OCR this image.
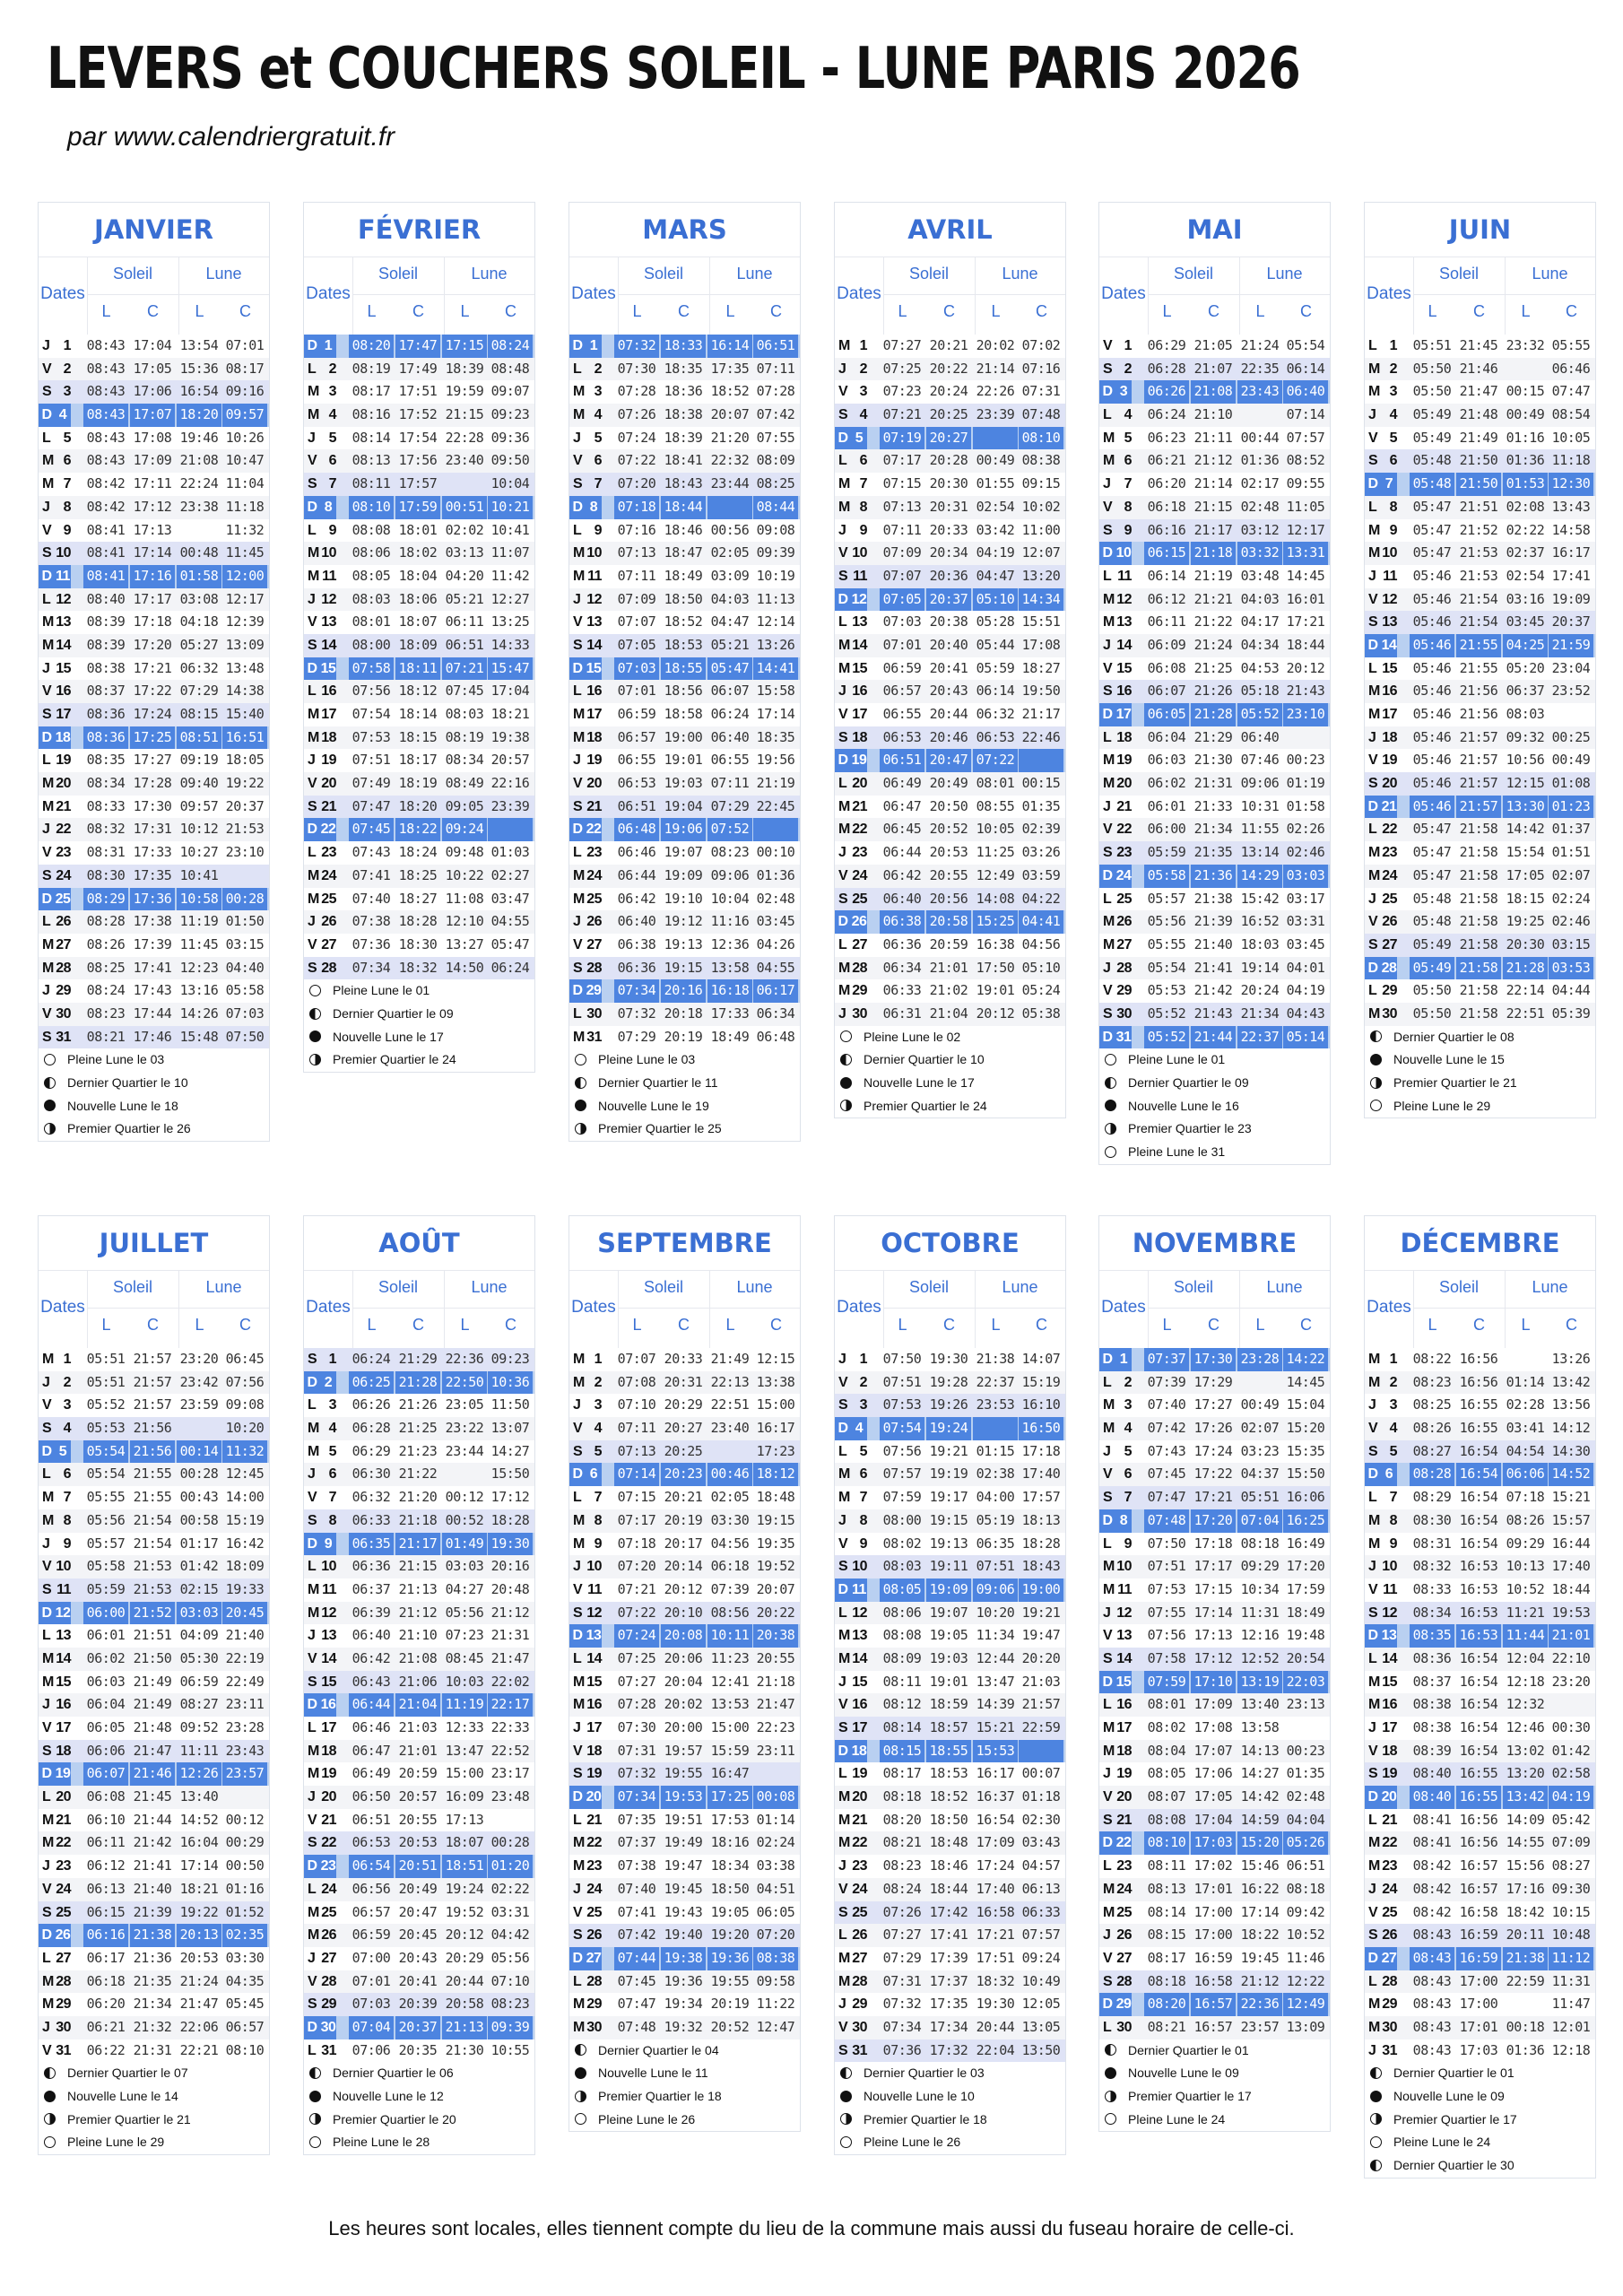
LEVERS et COUCHERS SOLEIL - LUNE PARIS 2026
par www.calendriergratuit.fr
JANVIER
Dates
Soleil	Lune
L	C	L	C
J 1 08:43 17:04 13:54 07:01
V 2 08:43 17:05 15:36 08:17
S 3 08:43 17:06 16:54 09:16
D 4	08:43 17:07 18:20 09:57
L 5 08:43 17:08 19:46 10:26
M 6 08:43 17:09 21:08 10:47
M 7 08:42 17:11 22:24 11:04
J 8 08:42 17:12 23:38 11:18
V 9 08:41 17:13	11:32
S 10 08:41 17:14 00:48 11:45
D 11 08:41 17:16 01:58 12:00
L 12 08:40 17:17 03:08 12:17
M 13 08:39 17:18 04:18 12:39
M 14 08:39 17:20 05:27 13:09
J 15 08:38 17:21 06:32 13:48
V 16 08:37 17:22 07:29 14:38
S 17 08:36 17:24 08:15 15:40
D 18 08:36 17:25 08:51 16:51
L 19 08:35 17:27 09:19 18:05
M 20 08:34 17:28 09:40 19:22
M 21 08:33 17:30 09:57 20:37
J 22 08:32 17:31 10:12 21:53
V 23 08:31 17:33 10:27 23:10
S 24 08:30 17:35 10:41
D 25 08:29 17:36 10:58 00:28
L 26 08:28 17:38 11:19 01:50
M 27 08:26 17:39 11:45 03:15
M 28 08:25 17:41 12:23 04:40
J 29 08:24 17:43 13:16 05:58
V 30 08:23 17:44 14:26 07:03
S 31 08:21 17:46 15:48 07:50
Pleine Lune le 03
Dernier Quartier le 10
Nouvelle Lune le 18
Premier Quartier le 26
FÉVRIER
Dates
Soleil	Lune
L	C	L	C
D 1	08:20 17:47 17:15 08:24
L 2 08:19 17:49 18:39 08:48
M 3 08:17 17:51 19:59 09:07
M 4 08:16 17:52 21:15 09:23
J 5 08:14 17:54 22:28 09:36
V 6 08:13 17:56 23:40 09:50
S 7 08:11 17:57	10:04
D 8	08:10 17:59 00:51 10:21
L 9 08:08 18:01 02:02 10:41
M 10 08:06 18:02 03:13 11:07
M 11 08:05 18:04 04:20 11:42
J 12 08:03 18:06 05:21 12:27
V 13 08:01 18:07 06:11 13:25
S 14 08:00 18:09 06:51 14:33
D 15 07:58 18:11 07:21 15:47
L 16 07:56 18:12 07:45 17:04
M 17 07:54 18:14 08:03 18:21
M 18 07:53 18:15 08:19 19:38
J 19 07:51 18:17 08:34 20:57
V 20 07:49 18:19 08:49 22:16
S 21 07:47 18:20 09:05 23:39
D 22 07:45 18:22 09:24
L 23 07:43 18:24 09:48 01:03
M 24 07:41 18:25 10:22 02:27
M 25 07:40 18:27 11:08 03:47
J 26 07:38 18:28 12:10 04:55
V 27 07:36 18:30 13:27 05:47
S 28 07:34 18:32 14:50 06:24
Pleine Lune le 01
Dernier Quartier le 09
Nouvelle Lune le 17
Premier Quartier le 24
MARS
Dates
Soleil	Lune
L	C	L	C
D 1	07:32 18:33 16:14 06:51
L 2 07:30 18:35 17:35 07:11
M 3 07:28 18:36 18:52 07:28
M 4 07:26 18:38 20:07 07:42
J 5 07:24 18:39 21:20 07:55
V 6 07:22 18:41 22:32 08:09
S 7 07:20 18:43 23:44 08:25
D 8	07:18 18:44	08:44
L 9 07:16 18:46 00:56 09:08
M 10 07:13 18:47 02:05 09:39
M 11 07:11 18:49 03:09 10:19
J 12 07:09 18:50 04:03 11:13
V 13 07:07 18:52 04:47 12:14
S 14 07:05 18:53 05:21 13:26
D 15 07:03 18:55 05:47 14:41
L 16 07:01 18:56 06:07 15:58
M 17 06:59 18:58 06:24 17:14
M 18 06:57 19:00 06:40 18:35
J 19 06:55 19:01 06:55 19:56
V 20 06:53 19:03 07:11 21:19
S 21 06:51 19:04 07:29 22:45
D 22 06:48 19:06 07:52
L 23 06:46 19:07 08:23 00:10
M 24 06:44 19:09 09:06 01:36
M 25 06:42 19:10 10:04 02:48
J 26 06:40 19:12 11:16 03:45
V 27 06:38 19:13 12:36 04:26
S 28 06:36 19:15 13:58 04:55
D 29 07:34 20:16 16:18 06:17
L 30 07:32 20:18 17:33 06:34
M 31 07:29 20:19 18:49 06:48
Pleine Lune le 03
Dernier Quartier le 11
Nouvelle Lune le 19
Premier Quartier le 25
AVRIL
Dates
Soleil	Lune
L	C	L	C
M 1 07:27 20:21 20:02 07:02
J 2 07:25 20:22 21:14 07:16
V 3 07:23 20:24 22:26 07:31
S 4 07:21 20:25 23:39 07:48
D 5	07:19 20:27	08:10
L 6 07:17 20:28 00:49 08:38
M 7 07:15 20:30 01:55 09:15
M 8 07:13 20:31 02:54 10:02
J 9 07:11 20:33 03:42 11:00
V 10 07:09 20:34 04:19 12:07
S 11 07:07 20:36 04:47 13:20
D 12 07:05 20:37 05:10 14:34
L 13 07:03 20:38 05:28 15:51
M 14 07:01 20:40 05:44 17:08
M 15 06:59 20:41 05:59 18:27
J 16 06:57 20:43 06:14 19:50
V 17 06:55 20:44 06:32 21:17
S 18 06:53 20:46 06:53 22:46
D 19 06:51 20:47 07:22
L 20 06:49 20:49 08:01 00:15
M 21 06:47 20:50 08:55 01:35
M 22 06:45 20:52 10:05 02:39
J 23 06:44 20:53 11:25 03:26
V 24 06:42 20:55 12:49 03:59
S 25 06:40 20:56 14:08 04:22
D 26 06:38 20:58 15:25 04:41
L 27 06:36 20:59 16:38 04:56
M 28 06:34 21:01 17:50 05:10
M 29 06:33 21:02 19:01 05:24
J 30 06:31 21:04 20:12 05:38
Pleine Lune le 02
Dernier Quartier le 10
Nouvelle Lune le 17
Premier Quartier le 24
MAI
Dates
Soleil	Lune
L	C	L	C
V 1 06:29 21:05 21:24 05:54
S 2 06:28 21:07 22:35 06:14
D 3	06:26 21:08 23:43 06:40
L 4 06:24 21:10	07:14
M 5 06:23 21:11 00:44 07:57
M 6 06:21 21:12 01:36 08:52
J 7 06:20 21:14 02:17 09:55
V 8 06:18 21:15 02:48 11:05
S 9 06:16 21:17 03:12 12:17
D 10 06:15 21:18 03:32 13:31
L 11 06:14 21:19 03:48 14:45
M 12 06:12 21:21 04:03 16:01
M 13 06:11 21:22 04:17 17:21
J 14 06:09 21:24 04:34 18:44
V 15 06:08 21:25 04:53 20:12
S 16 06:07 21:26 05:18 21:43
D 17 06:05 21:28 05:52 23:10
L 18 06:04 21:29 06:40
M 19 06:03 21:30 07:46 00:23
M 20 06:02 21:31 09:06 01:19
J 21 06:01 21:33 10:31 01:58
V 22 06:00 21:34 11:55 02:26
S 23 05:59 21:35 13:14 02:46
D 24 05:58 21:36 14:29 03:03
L 25 05:57 21:38 15:42 03:17
M 26 05:56 21:39 16:52 03:31
M 27 05:55 21:40 18:03 03:45
J 28 05:54 21:41 19:14 04:01
V 29 05:53 21:42 20:24 04:19
S 30 05:52 21:43 21:34 04:43
D 31 05:52 21:44 22:37 05:14
Pleine Lune le 01
Dernier Quartier le 09
Nouvelle Lune le 16
Premier Quartier le 23
Pleine Lune le 31
JUIN
Dates
Soleil	Lune
L	C	L	C
L 1 05:51 21:45 23:32 05:55
M 2 05:50 21:46	06:46
M 3 05:50 21:47 00:15 07:47
J 4 05:49 21:48 00:49 08:54
V 5 05:49 21:49 01:16 10:05
S 6 05:48 21:50 01:36 11:18
D 7	05:48 21:50 01:53 12:30
L 8 05:47 21:51 02:08 13:43
M 9 05:47 21:52 02:22 14:58
M 10 05:47 21:53 02:37 16:17
J 11 05:46 21:53 02:54 17:41
V 12 05:46 21:54 03:16 19:09
S 13 05:46 21:54 03:45 20:37
D 14 05:46 21:55 04:25 21:59
L 15 05:46 21:55 05:20 23:04
M 16 05:46 21:56 06:37 23:52
M 17 05:46 21:56 08:03
J 18 05:46 21:57 09:32 00:25
V 19 05:46 21:57 10:56 00:49
S 20 05:46 21:57 12:15 01:08
D 21 05:46 21:57 13:30 01:23
L 22 05:47 21:58 14:42 01:37
M 23 05:47 21:58 15:54 01:51
M 24 05:47 21:58 17:05 02:07
J 25 05:48 21:58 18:15 02:24
V 26 05:48 21:58 19:25 02:46
S 27 05:49 21:58 20:30 03:15
D 28 05:49 21:58 21:28 03:53
L 29 05:50 21:58 22:14 04:44
M 30 05:50 21:58 22:51 05:39
Dernier Quartier le 08
Nouvelle Lune le 15
Premier Quartier le 21
Pleine Lune le 29
JUILLET
Dates
Soleil	Lune
L	C	L	C
M 1 05:51 21:57 23:20 06:45
J 2 05:51 21:57 23:42 07:56
V 3 05:52 21:57 23:59 09:08
S 4 05:53 21:56	10:20
D 5	05:54 21:56 00:14 11:32
L 6 05:54 21:55 00:28 12:45
M 7 05:55 21:55 00:43 14:00
M 8 05:56 21:54 00:58 15:19
J 9 05:57 21:54 01:17 16:42
V 10 05:58 21:53 01:42 18:09
S 11 05:59 21:53 02:15 19:33
D 12 06:00 21:52 03:03 20:45
L 13 06:01 21:51 04:09 21:40
M 14 06:02 21:50 05:30 22:19
M 15 06:03 21:49 06:59 22:49
J 16 06:04 21:49 08:27 23:11
V 17 06:05 21:48 09:52 23:28
S 18 06:06 21:47 11:11 23:43
D 19 06:07 21:46 12:26 23:57
L 20 06:08 21:45 13:40
M 21 06:10 21:44 14:52 00:12
M 22 06:11 21:42 16:04 00:29
J 23 06:12 21:41 17:14 00:50
V 24 06:13 21:40 18:21 01:16
S 25 06:15 21:39 19:22 01:52
D 26 06:16 21:38 20:13 02:35
L 27 06:17 21:36 20:53 03:30
M 28 06:18 21:35 21:24 04:35
M 29 06:20 21:34 21:47 05:45
J 30 06:21 21:32 22:06 06:57
V 31 06:22 21:31 22:21 08:10
Dernier Quartier le 07
Nouvelle Lune le 14
Premier Quartier le 21
Pleine Lune le 29
AOÛT
Dates
Soleil	Lune
L	C	L	C
S 1 06:24 21:29 22:36 09:23
D 2	06:25 21:28 22:50 10:36
L 3 06:26 21:26 23:05 11:50
M 4 06:28 21:25 23:22 13:07
M 5 06:29 21:23 23:44 14:27
J 6 06:30 21:22	15:50
V 7 06:32 21:20 00:12 17:12
S 8 06:33 21:18 00:52 18:28
D 9	06:35 21:17 01:49 19:30
L 10 06:36 21:15 03:03 20:16
M 11 06:37 21:13 04:27 20:48
M 12 06:39 21:12 05:56 21:12
J 13 06:40 21:10 07:23 21:31
V 14 06:42 21:08 08:45 21:47
S 15 06:43 21:06 10:03 22:02
D 16 06:44 21:04 11:19 22:17
L 17 06:46 21:03 12:33 22:33
M 18 06:47 21:01 13:47 22:52
M 19 06:49 20:59 15:00 23:17
J 20 06:50 20:57 16:09 23:48
V 21 06:51 20:55 17:13
S 22 06:53 20:53 18:07 00:28
D 23 06:54 20:51 18:51 01:20
L 24 06:56 20:49 19:24 02:22
M 25 06:57 20:47 19:52 03:31
M 26 06:59 20:45 20:12 04:42
J 27 07:00 20:43 20:29 05:56
V 28 07:01 20:41 20:44 07:10
S 29 07:03 20:39 20:58 08:23
D 30 07:04 20:37 21:13 09:39
L 31 07:06 20:35 21:30 10:55
Dernier Quartier le 06
Nouvelle Lune le 12
Premier Quartier le 20
Pleine Lune le 28
SEPTEMBRE
Dates
Soleil	Lune
L	C	L	C
M 1 07:07 20:33 21:49 12:15
M 2 07:08 20:31 22:13 13:38
J 3 07:10 20:29 22:51 15:00
V 4 07:11 20:27 23:40 16:17
S 5 07:13 20:25	17:23
D 6	07:14 20:23 00:46 18:12
L 7 07:15 20:21 02:05 18:48
M 8 07:17 20:19 03:30 19:15
M 9 07:18 20:17 04:56 19:35
J 10 07:20 20:14 06:18 19:52
V 11 07:21 20:12 07:39 20:07
S 12 07:22 20:10 08:56 20:22
D 13 07:24 20:08 10:11 20:38
L 14 07:25 20:06 11:23 20:55
M 15 07:27 20:04 12:41 21:18
M 16 07:28 20:02 13:53 21:47
J 17 07:30 20:00 15:00 22:23
V 18 07:31 19:57 15:59 23:11
S 19 07:32 19:55 16:47
D 20 07:34 19:53 17:25 00:08
L 21 07:35 19:51 17:53 01:14
M 22 07:37 19:49 18:16 02:24
M 23 07:38 19:47 18:34 03:38
J 24 07:40 19:45 18:50 04:51
V 25 07:41 19:43 19:05 06:05
S 26 07:42 19:40 19:20 07:20
D 27 07:44 19:38 19:36 08:38
L 28 07:45 19:36 19:55 09:58
M 29 07:47 19:34 20:19 11:22
M 30 07:48 19:32 20:52 12:47
Dernier Quartier le 04
Nouvelle Lune le 11
Premier Quartier le 18
Pleine Lune le 26
OCTOBRE
Dates
Soleil	Lune
L	C	L	C
J 1 07:50 19:30 21:38 14:07
V 2 07:51 19:28 22:37 15:19
S 3 07:53 19:26 23:53 16:10
D 4	07:54 19:24	16:50
L 5 07:56 19:21 01:15 17:18
M 6 07:57 19:19 02:38 17:40
M 7 07:59 19:17 04:00 17:57
J 8 08:00 19:15 05:19 18:13
V 9 08:02 19:13 06:35 18:28
S 10 08:03 19:11 07:51 18:43
D 11 08:05 19:09 09:06 19:00
L 12 08:06 19:07 10:20 19:21
M 13 08:08 19:05 11:34 19:47
M 14 08:09 19:03 12:44 20:20
J 15 08:11 19:01 13:47 21:03
V 16 08:12 18:59 14:39 21:57
S 17 08:14 18:57 15:21 22:59
D 18 08:15 18:55 15:53
L 19 08:17 18:53 16:17 00:07
M 20 08:18 18:52 16:37 01:18
M 21 08:20 18:50 16:54 02:30
M 22 08:21 18:48 17:09 03:43
J 23 08:23 18:46 17:24 04:57
V 24 08:24 18:44 17:40 06:13
S 25 07:26 17:42 16:58 06:33
L 26 07:27 17:41 17:21 07:57
M 27 07:29 17:39 17:51 09:24
M 28 07:31 17:37 18:32 10:49
J 29 07:32 17:35 19:30 12:05
V 30 07:34 17:34 20:44 13:05
S 31 07:36 17:32 22:04 13:50
Dernier Quartier le 03
Nouvelle Lune le 10
Premier Quartier le 18
Pleine Lune le 26
NOVEMBRE
Dates
Soleil	Lune
L	C	L	C
D 1	07:37 17:30 23:28 14:22
L 2 07:39 17:29	14:45
M 3 07:40 17:27 00:49 15:04
M 4 07:42 17:26 02:07 15:20
J 5 07:43 17:24 03:23 15:35
V 6 07:45 17:22 04:37 15:50
S 7 07:47 17:21 05:51 16:06
D 8	07:48 17:20 07:04 16:25
L 9 07:50 17:18 08:18 16:49
M 10 07:51 17:17 09:29 17:20
M 11 07:53 17:15 10:34 17:59
J 12 07:55 17:14 11:31 18:49
V 13 07:56 17:13 12:16 19:48
S 14 07:58 17:12 12:52 20:54
D 15 07:59 17:10 13:19 22:03
L 16 08:01 17:09 13:40 23:13
M 17 08:02 17:08 13:58
M 18 08:04 17:07 14:13 00:23
J 19 08:05 17:06 14:27 01:35
V 20 08:07 17:05 14:42 02:48
S 21 08:08 17:04 14:59 04:04
D 22 08:10 17:03 15:20 05:26
L 23 08:11 17:02 15:46 06:51
M 24 08:13 17:01 16:22 08:18
M 25 08:14 17:00 17:14 09:42
J 26 08:15 17:00 18:22 10:52
V 27 08:17 16:59 19:45 11:46
S 28 08:18 16:58 21:12 12:22
D 29 08:20 16:57 22:36 12:49
L 30 08:21 16:57 23:57 13:09
Dernier Quartier le 01
Nouvelle Lune le 09
Premier Quartier le 17
Pleine Lune le 24
DÉCEMBRE
Dates
Soleil	Lune
L	C	L	C
M 1 08:22 16:56	13:26
M 2 08:23 16:56 01:14 13:42
J 3 08:25 16:55 02:28 13:56
V 4 08:26 16:55 03:41 14:12
S 5 08:27 16:54 04:54 14:30
D 6	08:28 16:54 06:06 14:52
L 7 08:29 16:54 07:18 15:21
M 8 08:30 16:54 08:26 15:57
M 9 08:31 16:54 09:29 16:44
J 10 08:32 16:53 10:13 17:40
V 11 08:33 16:53 10:52 18:44
S 12 08:34 16:53 11:21 19:53
D 13 08:35 16:53 11:44 21:01
L 14 08:36 16:54 12:04 22:10
M 15 08:37 16:54 12:18 23:20
M 16 08:38 16:54 12:32
J 17 08:38 16:54 12:46 00:30
V 18 08:39 16:54 13:02 01:42
S 19 08:40 16:55 13:20 02:58
D 20 08:40 16:55 13:42 04:19
L 21 08:41 16:56 14:09 05:42
M 22 08:41 16:56 14:55 07:09
M 23 08:42 16:57 15:56 08:27
J 24 08:42 16:57 17:16 09:30
V 25 08:42 16:58 18:42 10:15
S 26 08:43 16:59 20:11 10:48
D 27 08:43 16:59 21:38 11:12
L 28 08:43 17:00 22:59 11:31
M 29 08:43 17:00	11:47
M 30 08:43 17:01 00:18 12:01
J 31 08:43 17:03 01:36 12:18
Dernier Quartier le 01
Nouvelle Lune le 09
Premier Quartier le 17
Pleine Lune le 24
Dernier Quartier le 30
Les heures sont locales, elles tiennent compte du lieu de la commune mais aussi du fuseau horaire de celle-ci.
